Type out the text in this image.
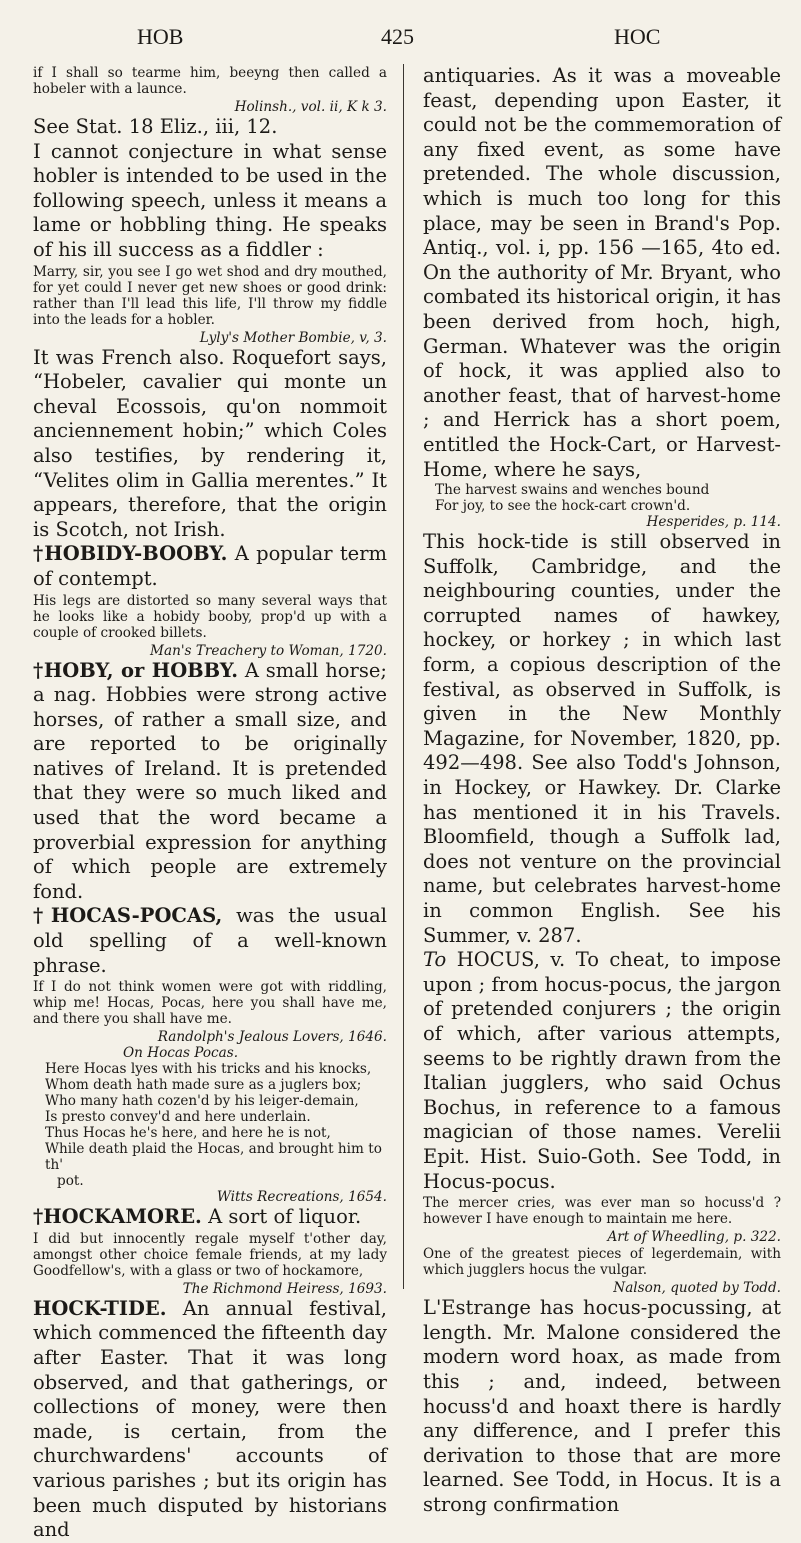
HOB	425	HOC

if I shall so tearme him, beeyng then called a hobeler with a launce.

Holinsh., vol. ii, K k 3.

See Stat. 18 Eliz., iii, 12.

I cannot conjecture in what sense hobler is intended to be used in the following speech, unless it means a lame or hobbling thing. He speaks of his ill success as a fiddler :

Marry, sir, you see I go wet shod and dry mouthed, for yet could I never get new shoes or good drink: rather than I'll lead this life, I'll throw my fiddle into the leads for a hobler.

Lyly's Mother Bombie, v, 3.

It was French also. Roquefort says, “Hobeler, cavalier qui monte un cheval Ecossois, qu'on nommoit anciennement hobin;” which Coles also testifies, by rendering it, “Velites olim in Gallia merentes.” It appears, therefore, that the origin is Scotch, not Irish.

†HOBIDY-BOOBY. A popular term of contempt.

His legs are distorted so many several ways that he looks like a hobidy booby, prop'd up with a couple of crooked billets.

Man's Treachery to Woman, 1720.

†HOBY, or HOBBY. A small horse; a nag. Hobbies were strong active horses, of rather a small size, and are reported to be originally natives of Ireland. It is pretended that they were so much liked and used that the word became a proverbial expression for anything of which people are extremely fond.

†HOCAS-POCAS, was the usual old spelling of a well-known phrase.

If I do not think women were got with riddling, whip me! Hocas, Pocas, here you shall have me, and there you shall have me.

Randolph's Jealous Lovers, 1646.

On Hocas Pocas.

Here Hocas lyes with his tricks and his knocks,

Whom death hath made sure as a juglers box;

Who many hath cozen'd by his leiger-demain,

Is presto convey'd and here underlain.

Thus Hocas he's here, and here he is not,

While death plaid the Hocas, and brought him to th'

pot.

Witts Recreations, 1654.

†HOCKAMORE. A sort of liquor.

I did but innocently regale myself t'other day, amongst other choice female friends, at my lady Goodfellow's, with a glass or two of hockamore,

The Richmond Heiress, 1693.

HOCK-TIDE. An annual festival, which commenced the fifteenth day after Easter. That it was long observed, and that gatherings, or collections of money, were then made, is certain, from the churchwardens' accounts of various parishes ; but its origin has been much disputed by historians and

antiquaries. As it was a moveable feast, depending upon Easter, it could not be the commemoration of any fixed event, as some have pretended. The whole discussion, which is much too long for this place, may be seen in Brand's Pop. Antiq., vol. i, pp. 156 —165, 4to ed. On the authority of Mr. Bryant, who combated its historical origin, it has been derived from hoch, high, German. Whatever was the origin of hock, it was applied also to another feast, that of harvest-home ; and Herrick has a short poem, entitled the Hock-Cart, or Harvest-Home, where he says,

The harvest swains and wenches bound

For joy, to see the hock-cart crown'd.

Hesperides, p. 114.

This hock-tide is still observed in Suffolk, Cambridge, and the neighbouring counties, under the corrupted names of hawkey, hockey, or horkey ; in which last form, a copious description of the festival, as observed in Suffolk, is given in the New Monthly Magazine, for November, 1820, pp. 492—498. See also Todd's Johnson, in Hockey, or Hawkey. Dr. Clarke has mentioned it in his Travels. Bloomfield, though a Suffolk lad, does not venture on the provincial name, but celebrates harvest-home in common English. See his Summer, v. 287.

To HOCUS, v. To cheat, to impose upon ; from hocus-pocus, the jargon of pretended conjurers ; the origin of which, after various attempts, seems to be rightly drawn from the Italian jugglers, who said Ochus Bochus, in reference to a famous magician of those names. Verelii Epit. Hist. Suio-Goth. See Todd, in Hocus-pocus.

The mercer cries, was ever man so hocuss'd ? however I have enough to maintain me here.

Art of Wheedling, p. 322.

One of the greatest pieces of legerdemain, with which jugglers hocus the vulgar.

Nalson, quoted by Todd.

L'Estrange has hocus-pocussing, at length. Mr. Malone considered the modern word hoax, as made from this ; and, indeed, between hocuss'd and hoaxt there is hardly any difference, and I prefer this derivation to those that are more learned. See Todd, in Hocus. It is a strong confirmation
